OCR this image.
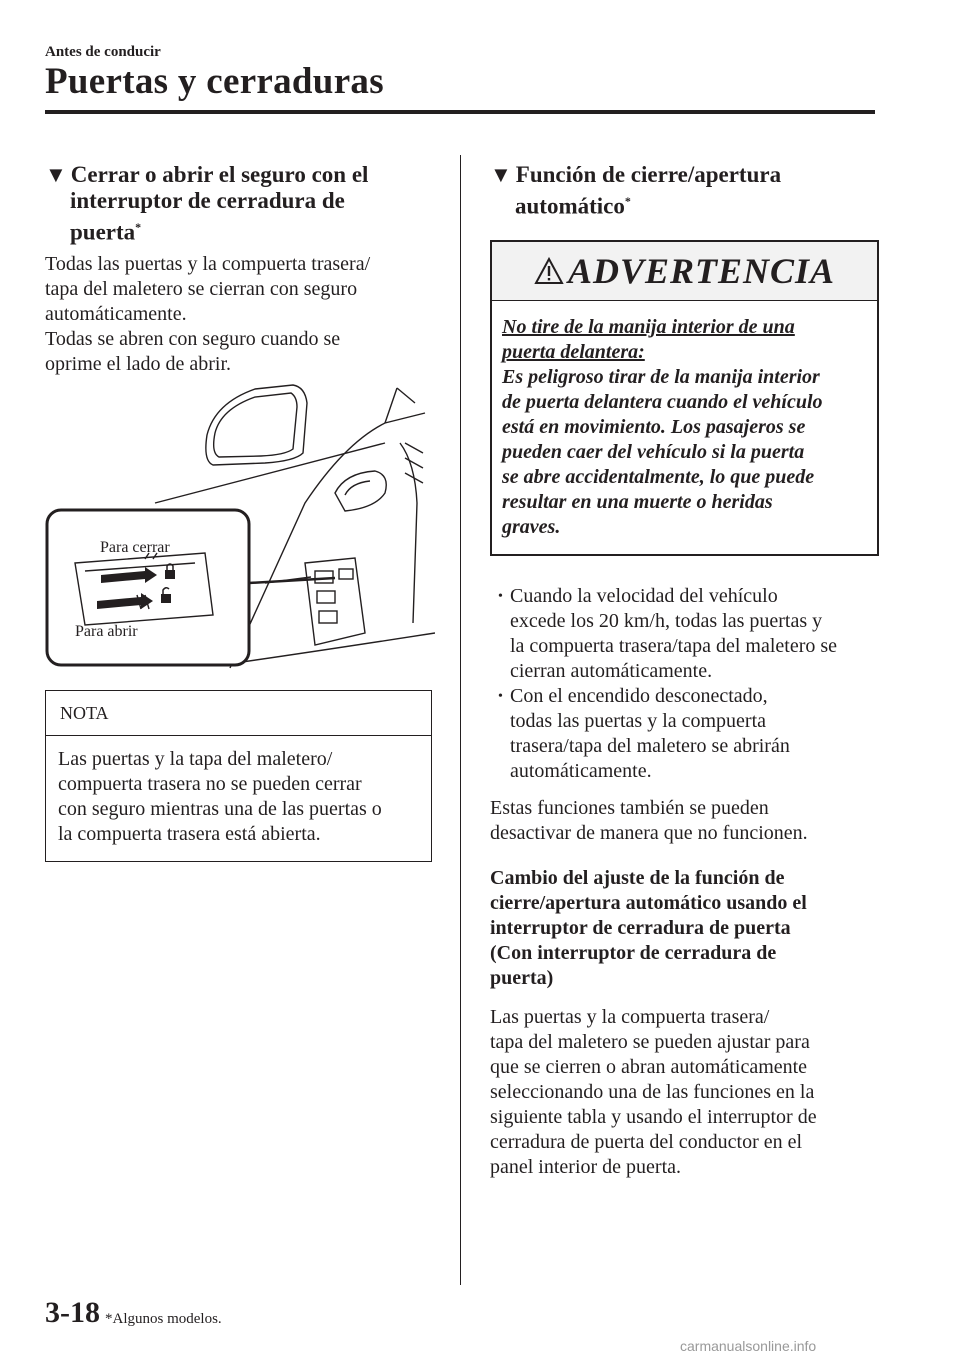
Antes de conducir
Puertas y cerraduras
▼ Cerrar o abrir el seguro con el
interruptor de cerradura de
puerta*
Todas las puertas y la compuerta trasera/
tapa del maletero se cierran con seguro
automáticamente.
Todas se abren con seguro cuando se
oprime el lado de abrir.
Para cerrar
Para abrir
NOTA
Las puertas y la tapa del maletero/
compuerta trasera no se pueden cerrar
con seguro mientras una de las puertas o
la compuerta trasera está abierta.
▼ Función de cierre/apertura
automático*
ADVERTENCIA
No tire de la manija interior de una
puerta delantera:
Es peligroso tirar de la manija interior
de puerta delantera cuando el vehículo
está en movimiento. Los pasajeros se
pueden caer del vehículo si la puerta
se abre accidentalmente, lo que puede
resultar en una muerte o heridas
graves.
• Cuando la velocidad del vehículo
excede los 20 km/h, todas las puertas y
la compuerta trasera/tapa del maletero se
cierran automáticamente.
• Con el encendido desconectado,
todas las puertas y la compuerta
trasera/tapa del maletero se abrirán
automáticamente.
Estas funciones también se pueden
desactivar de manera que no funcionen.
Cambio del ajuste de la función de
cierre/apertura automático usando el
interruptor de cerradura de puerta
(Con interruptor de cerradura de
puerta)
Las puertas y la compuerta trasera/
tapa del maletero se pueden ajustar para
que se cierren o abran automáticamente
seleccionando una de las funciones en la
siguiente tabla y usando el interruptor de
cerradura de puerta del conductor en el
panel interior de puerta.
3-18 *Algunos modelos.
carmanualsonline.info
